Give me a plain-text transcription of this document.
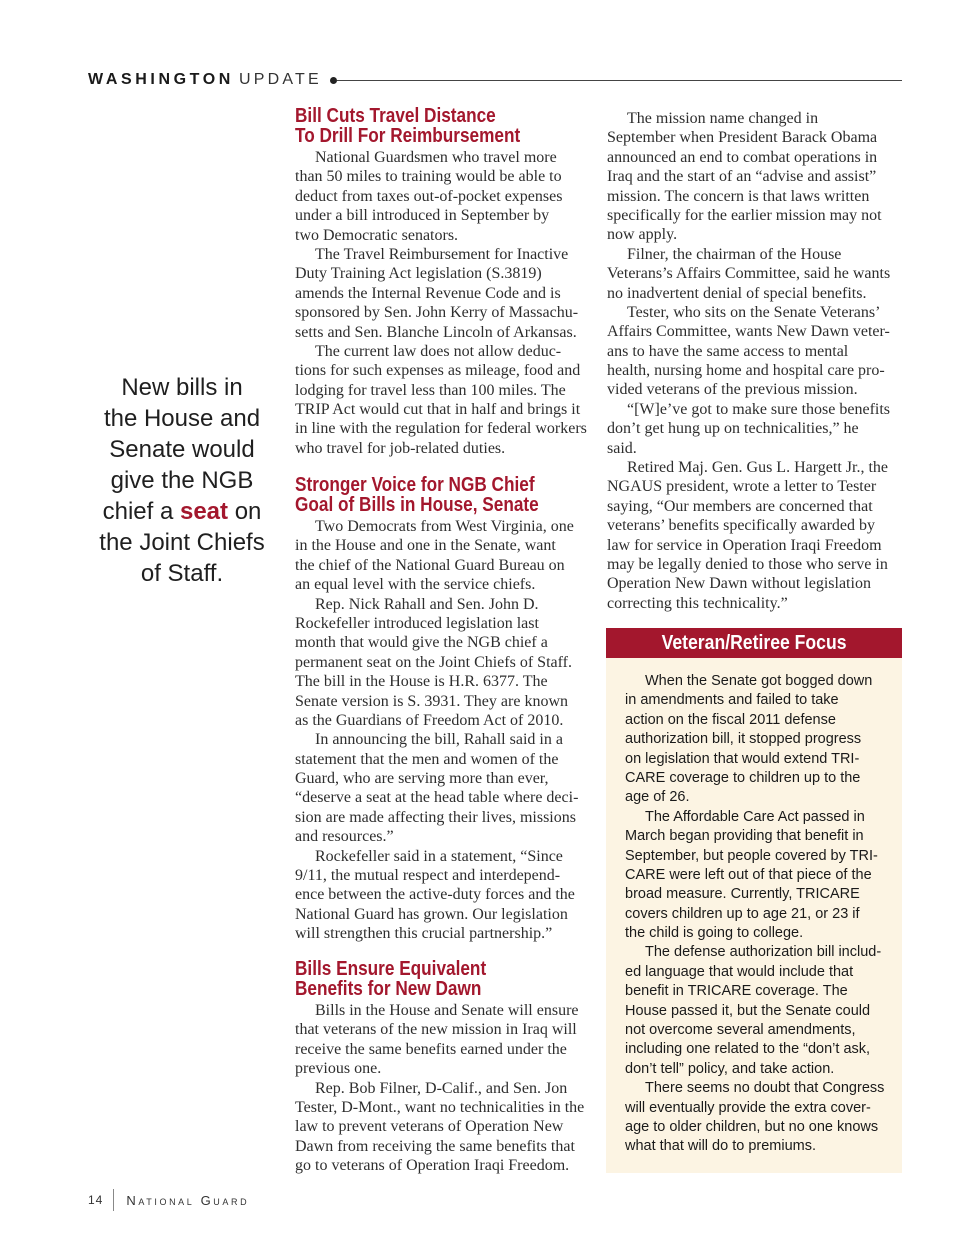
WASHINGTON UPDATE
New bills in
the House and
Senate would
give the NGB
chief a seat on
the Joint Chiefs
of Staff.
Bill Cuts Travel Distance
To Drill For Reimbursement
National Guardsmen who travel more
than 50 miles to training would be able to
deduct from taxes out-of-pocket expenses
under a bill introduced in September by
two Democratic senators.
The Travel Reimbursement for Inactive
Duty Training Act legislation (S.3819)
amends the Internal Revenue Code and is
sponsored by Sen. John Kerry of Massachu-
setts and Sen. Blanche Lincoln of Arkansas.
The current law does not allow deduc-
tions for such expenses as mileage, food and
lodging for travel less than 100 miles. The
TRIP Act would cut that in half and brings it
in line with the regulation for federal workers
who travel for job-related duties.
Stronger Voice for NGB Chief
Goal of Bills in House, Senate
Two Democrats from West Virginia, one
in the House and one in the Senate, want
the chief of the National Guard Bureau on
an equal level with the service chiefs.
Rep. Nick Rahall and Sen. John D.
Rockefeller introduced legislation last
month that would give the NGB chief a
permanent seat on the Joint Chiefs of Staff.
The bill in the House is H.R. 6377. The
Senate version is S. 3931. They are known
as the Guardians of Freedom Act of 2010.
In announcing the bill, Rahall said in a
statement that the men and women of the
Guard, who are serving more than ever,
“deserve a seat at the head table where deci-
sion are made affecting their lives, missions
and resources.”
Rockefeller said in a statement, “Since
9/11, the mutual respect and interdepend-
ence between the active-duty forces and the
National Guard has grown. Our legislation
will strengthen this crucial partnership.”
Bills Ensure Equivalent
Benefits for New Dawn
Bills in the House and Senate will ensure
that veterans of the new mission in Iraq will
receive the same benefits earned under the
previous one.
Rep. Bob Filner, D-Calif., and Sen. Jon
Tester, D-Mont., want no technicalities in the
law to prevent veterans of Operation New
Dawn from receiving the same benefits that
go to veterans of Operation Iraqi Freedom.
The mission name changed in
September when President Barack Obama
announced an end to combat operations in
Iraq and the start of an “advise and assist”
mission. The concern is that laws written
specifically for the earlier mission may not
now apply.
Filner, the chairman of the House
Veterans’s Affairs Committee, said he wants
no inadvertent denial of special benefits.
Tester, who sits on the Senate Veterans’
Affairs Committee, wants New Dawn veter-
ans to have the same access to mental
health, nursing home and hospital care pro-
vided veterans of the previous mission.
“[W]e’ve got to make sure those benefits
don’t get hung up on technicalities,” he
said.
Retired Maj. Gen. Gus L. Hargett Jr., the
NGAUS president, wrote a letter to Tester
saying, “Our members are concerned that
veterans’ benefits specifically awarded by
law for service in Operation Iraqi Freedom
may be legally denied to those who serve in
Operation New Dawn without legislation
correcting this technicality.”
Veteran/Retiree Focus
When the Senate got bogged down
in amendments and failed to take
action on the fiscal 2011 defense
authorization bill, it stopped progress
on legislation that would extend TRI-
CARE coverage to children up to the
age of 26.
The Affordable Care Act passed in
March began providing that benefit in
September, but people covered by TRI-
CARE were left out of that piece of the
broad measure. Currently, TRICARE
covers children up to age 21, or 23 if
the child is going to college.
The defense authorization bill includ-
ed language that would include that
benefit in TRICARE coverage. The
House passed it, but the Senate could
not overcome several amendments,
including one related to the “don’t ask,
don’t tell” policy, and take action.
There seems no doubt that Congress
will eventually provide the extra cover-
age to older children, but no one knows
what that will do to premiums.
14 National Guard
